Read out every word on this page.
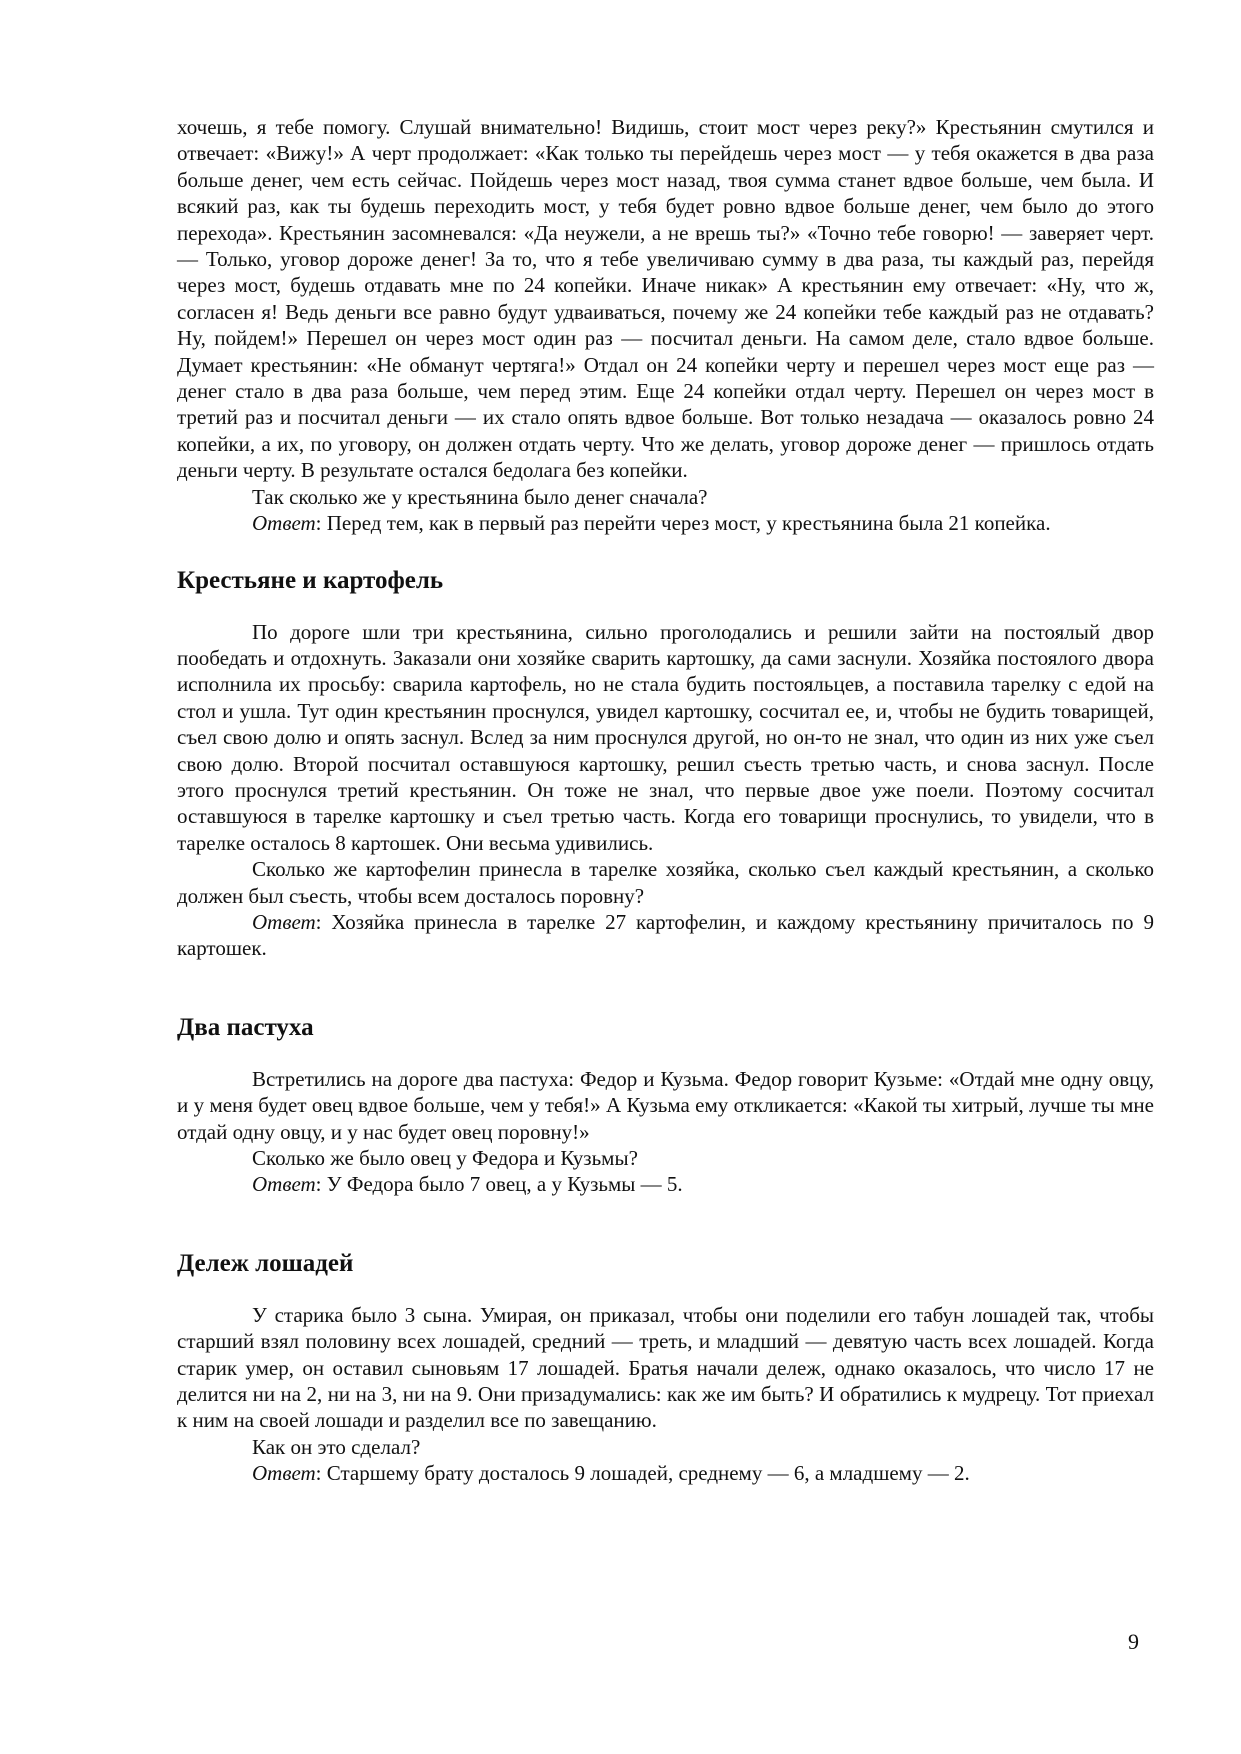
хочешь, я тебе помогу. Слушай внимательно! Видишь, стоит мост через реку?» Крестьянин смутился и отвечает: «Вижу!» А черт продолжает: «Как только ты перейдешь через мост — у тебя окажется в два раза больше денег, чем есть сейчас. Пойдешь через мост назад, твоя сумма станет вдвое больше, чем была. И всякий раз, как ты будешь переходить мост, у тебя будет ровно вдвое больше денег, чем было до этого перехода». Крестьянин засомневался: «Да неужели, а не врешь ты?» «Точно тебе говорю! — заверяет черт. — Только, уговор дороже денег! За то, что я тебе увеличиваю сумму в два раза, ты каждый раз, перейдя через мост, будешь отдавать мне по 24 копейки. Иначе никак» А крестьянин ему отвечает: «Ну, что ж, согласен я! Ведь деньги все равно будут удваиваться, почему же 24 копейки тебе каждый раз не отдавать? Ну, пойдем!» Перешел он через мост один раз — посчитал деньги. На самом деле, стало вдвое больше. Думает крестьянин: «Не обманут чертяга!» Отдал он 24 копейки черту и перешел через мост еще раз — денег стало в два раза больше, чем перед этим. Еще 24 копейки отдал черту. Перешел он через мост в третий раз и посчитал деньги — их стало опять вдвое больше. Вот только незадача — оказалось ровно 24 копейки, а их, по уговору, он должен отдать черту. Что же делать, уговор дороже денег — пришлось отдать деньги черту. В результате остался бедолага без копейки.

Так сколько же у крестьянина было денег сначала?

Ответ: Перед тем, как в первый раз перейти через мост, у крестьянина была 21 копейка.

Крестьяне и картофель

По дороге шли три крестьянина, сильно проголодались и решили зайти на постоялый двор пообедать и отдохнуть. Заказали они хозяйке сварить картошку, да сами заснули. Хозяйка постоялого двора исполнила их просьбу: сварила картофель, но не стала будить постояльцев, а поставила тарелку с едой на стол и ушла. Тут один крестьянин проснулся, увидел картошку, сосчитал ее, и, чтобы не будить товарищей, съел свою долю и опять заснул. Вслед за ним проснулся другой, но он-то не знал, что один из них уже съел свою долю. Второй посчитал оставшуюся картошку, решил съесть третью часть, и снова заснул. После этого проснулся третий крестьянин. Он тоже не знал, что первые двое уже поели. Поэтому сосчитал оставшуюся в тарелке картошку и съел третью часть. Когда его товарищи проснулись, то увидели, что в тарелке осталось 8 картошек. Они весьма удивились.

Сколько же картофелин принесла в тарелке хозяйка, сколько съел каждый крестьянин, а сколько должен был съесть, чтобы всем досталось поровну?

Ответ: Хозяйка принесла в тарелке 27 картофелин, и каждому крестьянину причиталось по 9 картошек.

Два пастуха

Встретились на дороге два пастуха: Федор и Кузьма. Федор говорит Кузьме: «Отдай мне одну овцу, и у меня будет овец вдвое больше, чем у тебя!» А Кузьма ему откликается: «Какой ты хитрый, лучше ты мне отдай одну овцу, и у нас будет овец поровну!»

Сколько же было овец у Федора и Кузьмы?

Ответ: У Федора было 7 овец, а у Кузьмы — 5.

Дележ лошадей

У старика было 3 сына. Умирая, он приказал, чтобы они поделили его табун лошадей так, чтобы старший взял половину всех лошадей, средний — треть, и младший — девятую часть всех лошадей. Когда старик умер, он оставил сыновьям 17 лошадей. Братья начали дележ, однако оказалось, что число 17 не делится ни на 2, ни на 3, ни на 9. Они призадумались: как же им быть? И обратились к мудрецу. Тот приехал к ним на своей лошади и разделил все по завещанию.

Как он это сделал?

Ответ: Старшему брату досталось 9 лошадей, среднему — 6, а младшему — 2.

9
